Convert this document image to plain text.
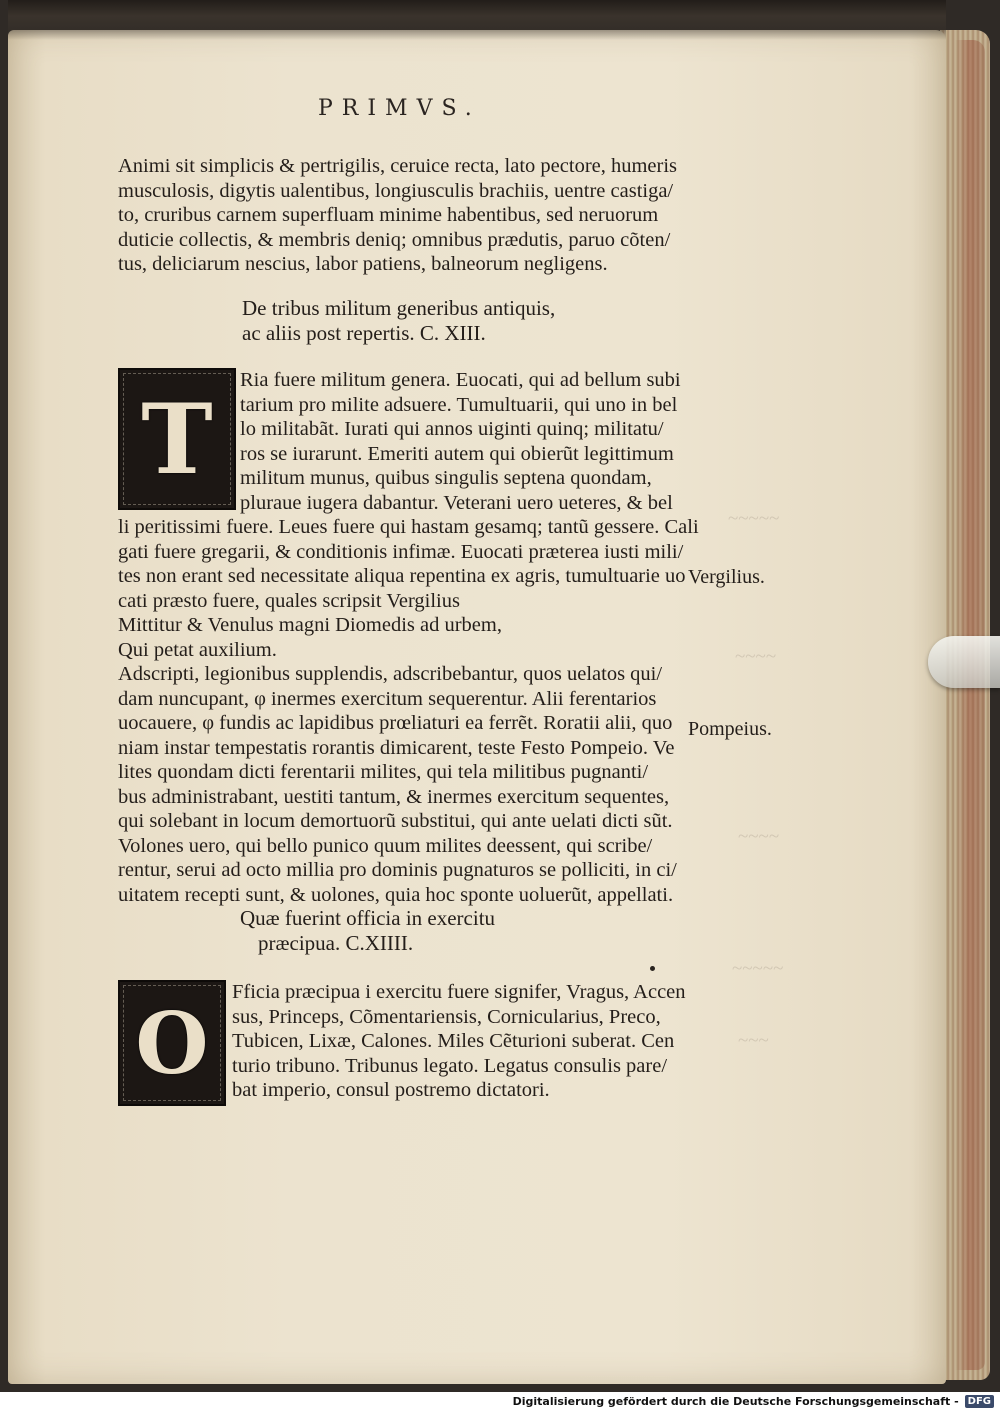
~~~~~
~~~~
~~~~
~~~~~
~~~
PRIMVS.
Animi sit simplicis & pertrigilis, ceruice recta, lato pectore, humeris
musculosis, digytis ualentibus, longiusculis brachiis, uentre castiga/
to, cruribus carnem superfluam minime habentibus, sed neruorum
duticie collectis, & membris deniq; omnibus prædutis, paruo cõten/
tus, deliciarum nescius, labor patiens, balneorum negligens.
De tribus militum generibus antiquis,
ac aliis post repertis. C. XIII.
T
Ria fuere militum genera. Euocati, qui ad bellum subi
tarium pro milite adsuere. Tumultuarii, qui uno in bel
lo militabãt. Iurati qui annos uiginti quinq; militatu/
ros se iurarunt. Emeriti autem qui obierũt legittimum
militum munus, quibus singulis septena quondam,
pluraue iugera dabantur. Veterani uero ueteres, & bel
li peritissimi fuere. Leues fuere qui hastam gesamq; tantũ gessere. Cali
gati fuere gregarii, & conditionis infimæ. Euocati præterea iusti mili/
tes non erant sed necessitate aliqua repentina ex agris, tumultuarie uo
cati præsto fuere, quales scripsit Vergilius
Mittitur & Venulus magni Diomedis ad urbem,
Qui petat auxilium.
Adscripti, legionibus supplendis, adscribebantur, quos uelatos qui/
dam nuncupant, φ inermes exercitum sequerentur. Alii ferentarios
uocauere, φ fundis ac lapidibus prœliaturi ea ferrẽt. Roratii alii, quo
niam instar tempestatis rorantis dimicarent, teste Festo Pompeio. Ve
lites quondam dicti ferentarii milites, qui tela militibus pugnanti/
bus administrabant, uestiti tantum, & inermes exercitum sequentes,
qui solebant in locum demortuorũ substitui, qui ante uelati dicti sũt.
Volones uero, qui bello punico quum milites deessent, qui scribe/
rentur, serui ad octo millia pro dominis pugnaturos se polliciti, in ci/
uitatem recepti sunt, & uolones, quia hoc sponte uoluerũt, appellati.
Vergilius.
Pompeius.
Quæ fuerint officia in exercitu
præcipua. C.XIIII.
O
Fficia præcipua i exercitu fuere signifer, Vragus, Accen
sus, Princeps, Cõmentariensis, Cornicularius, Preco,
Tubicen, Lixæ, Calones. Miles Cẽturioni suberat. Cen
turio tribuno. Tribunus legato. Legatus consulis pare/
bat imperio, consul postremo dictatori.
Digitalisierung gefördert durch die Deutsche Forschungsgemeinschaft - DFG
